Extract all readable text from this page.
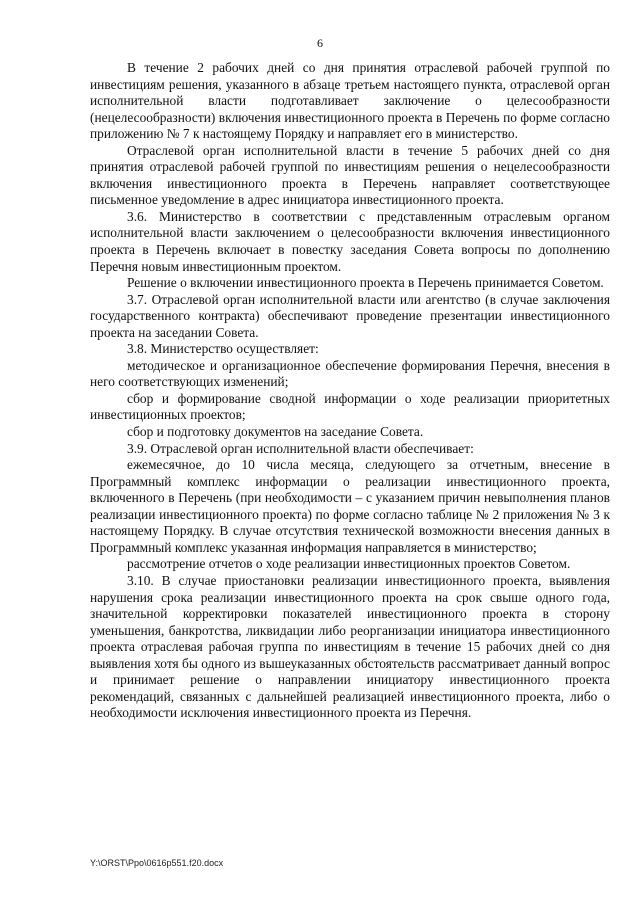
6

В течение 2 рабочих дней со дня принятия отраслевой рабочей группой по инвестициям решения, указанного в абзаце третьем настоящего пункта, отраслевой орган исполнительной власти подготавливает заключение о целесообразности (нецелесообразности) включения инвестиционного проекта в Перечень по форме согласно приложению № 7 к настоящему Порядку и направляет его в министерство.

Отраслевой орган исполнительной власти в течение 5 рабочих дней со дня принятия отраслевой рабочей группой по инвестициям решения о нецелесообразности включения инвестиционного проекта в Перечень направляет соответствующее письменное уведомление в адрес инициатора инвестиционного проекта.

3.6. Министерство в соответствии с представленным отраслевым органом исполнительной власти заключением о целесообразности включения инвестиционного проекта в Перечень включает в повестку заседания Совета вопросы по дополнению Перечня новым инвестиционным проектом.

Решение о включении инвестиционного проекта в Перечень принимается Советом.

3.7. Отраслевой орган исполнительной власти или агентство (в случае заключения государственного контракта) обеспечивают проведение презентации инвестиционного проекта на заседании Совета.

3.8. Министерство осуществляет:

методическое и организационное обеспечение формирования Перечня, внесения в него соответствующих изменений;

сбор и формирование сводной информации о ходе реализации приоритетных инвестиционных проектов;

сбор и подготовку документов на заседание Совета.

3.9. Отраслевой орган исполнительной власти обеспечивает:

ежемесячное, до 10 числа месяца, следующего за отчетным, внесение в Программный комплекс информации о реализации инвестиционного проекта, включенного в Перечень (при необходимости – с указанием причин невыполнения планов реализации инвестиционного проекта) по форме согласно таблице № 2 приложения № 3 к настоящему Порядку. В случае отсутствия технической возможности внесения данных в Программный комплекс указанная информация направляется в министерство;

рассмотрение отчетов о ходе реализации инвестиционных проектов Советом.

3.10. В случае приостановки реализации инвестиционного проекта, выявления нарушения срока реализации инвестиционного проекта на срок свыше одного года, значительной корректировки показателей инвестиционного проекта в сторону уменьшения, банкротства, ликвидации либо реорганизации инициатора инвестиционного проекта отраслевая рабочая группа по инвестициям в течение 15 рабочих дней со дня выявления хотя бы одного из вышеуказанных обстоятельств рассматривает данный вопрос и принимает решение о направлении инициатору инвестиционного проекта рекомендаций, связанных с дальнейшей реализацией инвестиционного проекта, либо о необходимости исключения инвестиционного проекта из Перечня.

Y:\ORST\Ppo\0616p551.f20.docx
